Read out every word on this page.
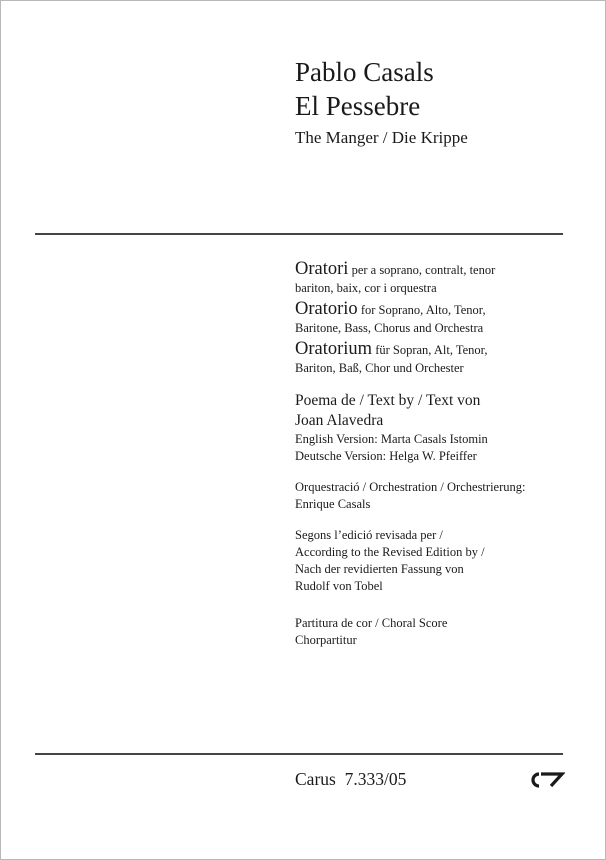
Pablo Casals
El Pessebre
The Manger / Die Krippe
Oratori per a soprano, contralt, tenor
bariton, baix, cor i orquestra
Oratorio for Soprano, Alto, Tenor,
Baritone, Bass, Chorus and Orchestra
Oratorium für Sopran, Alt, Tenor,
Bariton, Baß, Chor und Orchester
Poema de / Text by / Text von
Joan Alavedra
English Version: Marta Casals Istomin
Deutsche Version: Helga W. Pfeiffer
Orquestració / Orchestration / Orchestrierung:
Enrique Casals
Segons l’edició revisada per /
According to the Revised Edition by /
Nach der revidierten Fassung von
Rudolf von Tobel
Partitura de cor / Choral Score
Chorpartitur
Carus 7.333/05
